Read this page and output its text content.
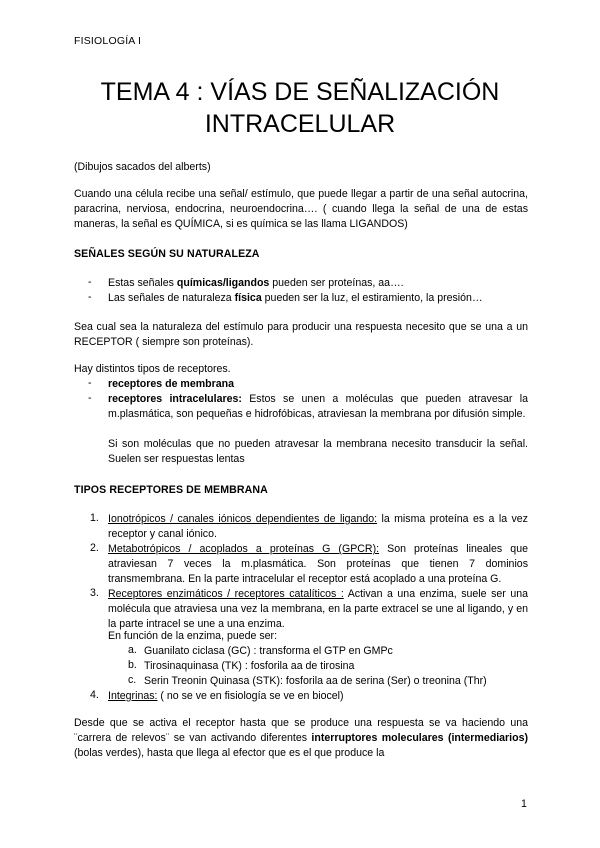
FISIOLOGÍA I
TEMA 4 : VÍAS DE SEÑALIZACIÓN
INTRACELULAR

(Dibujos sacados del alberts)

Cuando una célula recibe una señal/ estímulo, que puede llegar a partir de una señal autocrina, paracrina, nerviosa, endocrina, neuroendocrina…. ( cuando llega la señal de una de estas maneras, la señal es QUÍMICA, si es química se las llama LIGANDOS)

SEÑALES SEGÚN SU NATURALEZA
- Estas señales químicas/ligandos pueden ser proteínas, aa….

- Las señales de naturaleza física pueden ser la luz, el estiramiento, la presión…

Sea cual sea la naturaleza del estímulo para producir una respuesta necesito que se una a un RECEPTOR ( siempre son proteínas).

Hay distintos tipos de receptores.

- receptores de membrana

- receptores intracelulares: Estos se unen a moléculas que pueden atravesar la m.plasmática, son pequeñas e hidrofóbicas, atraviesan la membrana por difusión simple.

Si son moléculas que no pueden atravesar la membrana necesito transducir la señal. Suelen ser respuestas lentas

TIPOS RECEPTORES DE MEMBRANA
1. Ionotrópicos / canales iónicos dependientes de ligando: la misma proteína es a la vez receptor y canal iónico.

2. Metabotrópicos / acoplados a proteínas G (GPCR): Son proteínas lineales que atraviesan 7 veces la m.plasmática. Son proteínas que tienen 7 dominios transmembrana. En la parte intracelular el receptor está acoplado a una proteína G.

3. Receptores enzimáticos / receptores catalíticos : Activan a una enzima, suele ser una molécula que atraviesa una vez la membrana, en la parte extracel se une al ligando, y en la parte intracel se une a una enzima.

En función de la enzima, puede ser:

a. Guanilato ciclasa (GC) : transforma el GTP en GMPc

b. Tirosinaquinasa (TK) : fosforila aa de tirosina

c. Serin Treonin Quinasa (STK): fosforila aa de serina (Ser) o treonina (Thr)

4. Integrinas: ( no se ve en fisiología se ve en biocel)

Desde que se activa el receptor hasta que se produce una respuesta se va haciendo una ¨carrera de relevos¨ se van activando diferentes interruptores moleculares (intermediarios) (bolas verdes), hasta que llega al efector que es el que produce la

1
